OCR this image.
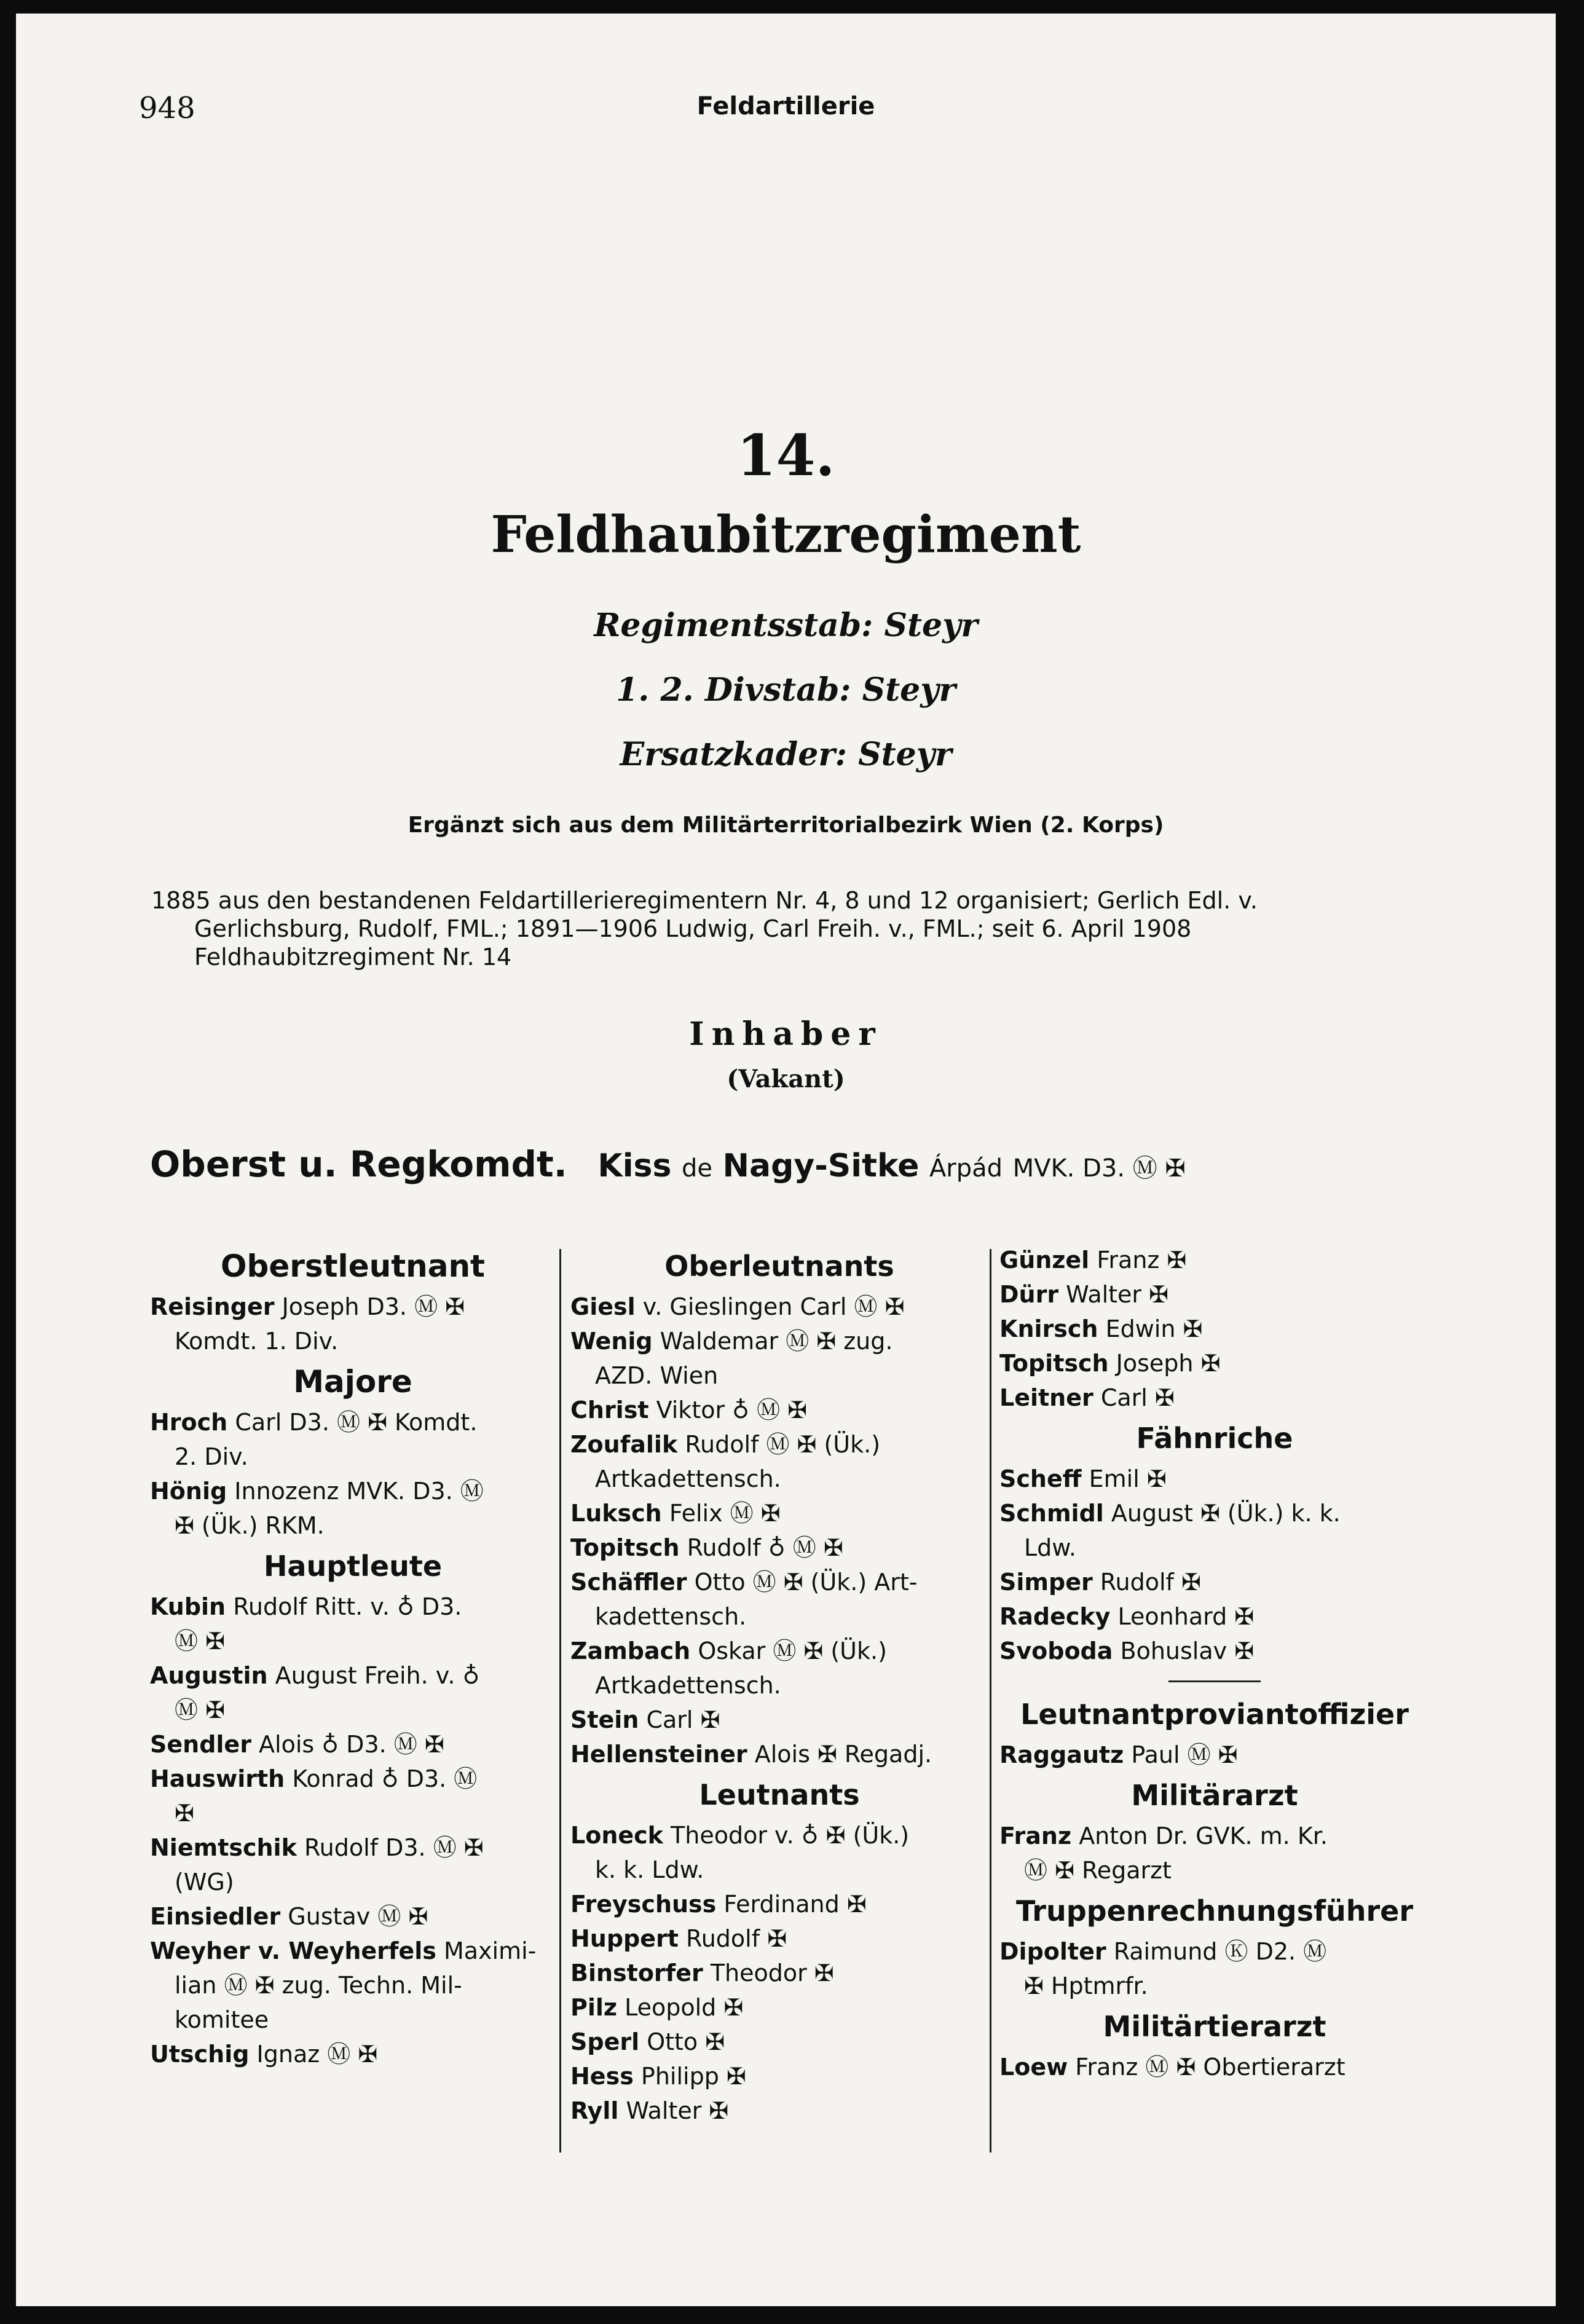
948	Feldartillerie
14.
Feldhaubitzregiment
Regimentsstab: Steyr
1. 2. Divstab: Steyr
Ersatzkader: Steyr
Ergänzt sich aus dem Militärterritorialbezirk Wien (2. Korps)
1885 aus den bestandenen Feldartillerieregimentern Nr. 4, 8 und 12 organisiert; Gerlich Edl. v.
Gerlichsburg, Rudolf, FML.; 1891—1906 Ludwig, Carl Freih. v., FML.; seit 6. April 1908
Feldhaubitzregiment Nr. 14
Inhaber
(Vakant)
Oberst u. Regkomdt. Kiss de Nagy-Sitke Árpád MVK. D3. Ⓜ ✠
Oberstleutnant
Reisinger Joseph D3. Ⓜ ✠
Komdt. 1. Div.
Majore
Hroch Carl D3. Ⓜ ✠ Komdt.
2. Div.
Hönig Innozenz MVK. D3. Ⓜ
✠ (Ük.) RKM.
Hauptleute
Kubin Rudolf Ritt. v. ♁ D3.
Ⓜ ✠
Augustin August Freih. v. ♁
Ⓜ ✠
Sendler Alois ♁ D3. Ⓜ ✠
Hauswirth Konrad ♁ D3. Ⓜ
✠
Niemtschik Rudolf D3. Ⓜ ✠
(WG)
Einsiedler Gustav Ⓜ ✠
Weyher v. Weyherfels Maximi-
lian Ⓜ ✠ zug. Techn. Mil-
komitee
Utschig Ignaz Ⓜ ✠
Oberleutnants
Giesl v. Gieslingen Carl Ⓜ ✠
Wenig Waldemar Ⓜ ✠ zug.
AZD. Wien
Christ Viktor ♁ Ⓜ ✠
Zoufalik Rudolf Ⓜ ✠ (Ük.)
Artkadettensch.
Luksch Felix Ⓜ ✠
Topitsch Rudolf ♁ Ⓜ ✠
Schäffler Otto Ⓜ ✠ (Ük.) Art-
kadettensch.
Zambach Oskar Ⓜ ✠ (Ük.)
Artkadettensch.
Stein Carl ✠
Hellensteiner Alois ✠ Regadj.
Leutnants
Loneck Theodor v. ♁ ✠ (Ük.)
k. k. Ldw.
Freyschuss Ferdinand ✠
Huppert Rudolf ✠
Binstorfer Theodor ✠
Pilz Leopold ✠
Sperl Otto ✠
Hess Philipp ✠
Ryll Walter ✠
Günzel Franz ✠
Dürr Walter ✠
Knirsch Edwin ✠
Topitsch Joseph ✠
Leitner Carl ✠
Fähnriche
Scheff Emil ✠
Schmidl August ✠ (Ük.) k. k.
Ldw.
Simper Rudolf ✠
Radecky Leonhard ✠
Svoboda Bohuslav ✠
Leutnantproviantoffizier
Raggautz Paul Ⓜ ✠
Militärarzt
Franz Anton Dr. GVK. m. Kr.
Ⓜ ✠ Regarzt
Truppenrechnungsführer
Dipolter Raimund Ⓚ D2. Ⓜ
✠ Hptmrfr.
Militärtierarzt
Loew Franz Ⓜ ✠ Obertierarzt
